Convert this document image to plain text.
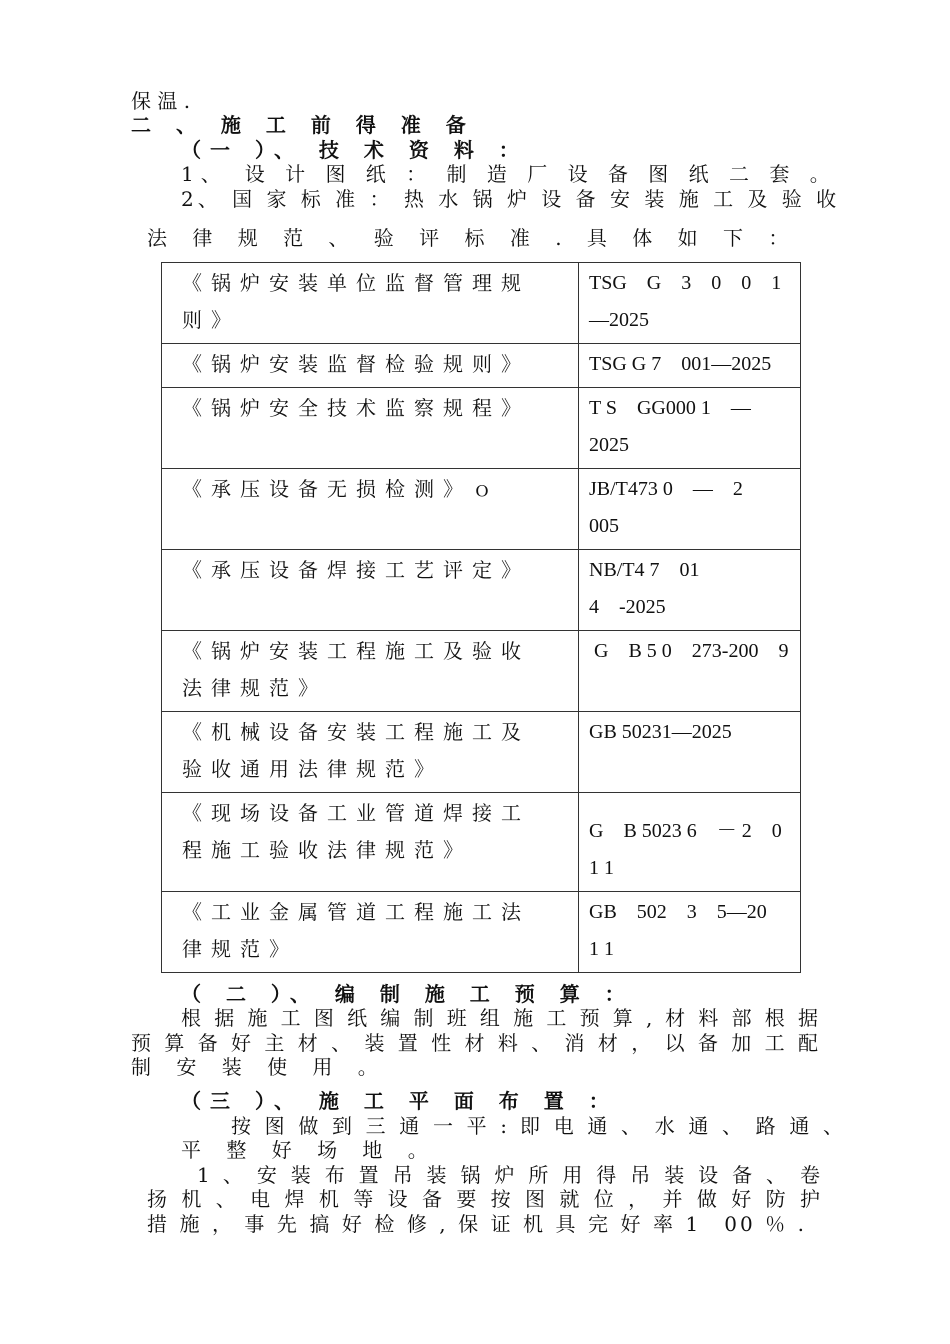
保 温 .
二 、 施 工 前 得 准 备
（一 ）、 技 术 资 料 ：
1、　设 计 图 纸 ： 制 造 厂 设 备 图 纸 二 套 。
2、 国 家 标 准 ： 热 水 锅 炉 设 备 安 装 施 工 及 验 收
法 律 规 范 、 验 评 标 准 . 具 体 如 下 ：
《锅炉安装单位监督管理规则》	TSG　G　3　0　0　1—2025
《锅炉安装监督检验规则》	TSG G 7　001—2025
《锅炉安全技术监察规程》	T S　GG000 1　—　2025
《承压设备无损检测》ｏ	JB/T473 0　—　2　005
《承压设备焊接工艺评定》	NB/T4 7　01　4　-2025
《锅炉安装工程施工及验收法律规范》	G　B 5 0　273-200　9
《机械设备安装工程施工及验收通用法律规范》	GB 50231—2025
《现场设备工业管道焊接工程施工验收法律规范》	G　B 5023 6　－ 2　0　1 1
《工业金属管道工程施工法律规范》	GB　502　3　5—20　1 1
（ 二 ）、 编 制 施 工 预 算 ：
根 据 施 工 图 纸 编 制 班 组 施 工 预 算 , 材 料 部 根 据
预 算 备 好 主 材 、 装 置 性 材 料 、 消 材 ， 以 备 加 工 配
制 安 装 使 用 。
（三 ）、 施 工 平 面 布 置 ：
按 图 做 到 三 通 一 平 : 即 电 通 、 水 通 、 路 通 、
平 整 好 场 地 。
1 、 安 装 布 置 吊 装 锅 炉 所 用 得 吊 装 设 备 、 卷
扬 机 、 电 焊 机 等 设 备 要 按 图 就 位 ， 并 做 好 防 护
措 施 ， 事 先 搞 好 检 修 , 保 证 机 具 完 好 率 1　00 ％ .
